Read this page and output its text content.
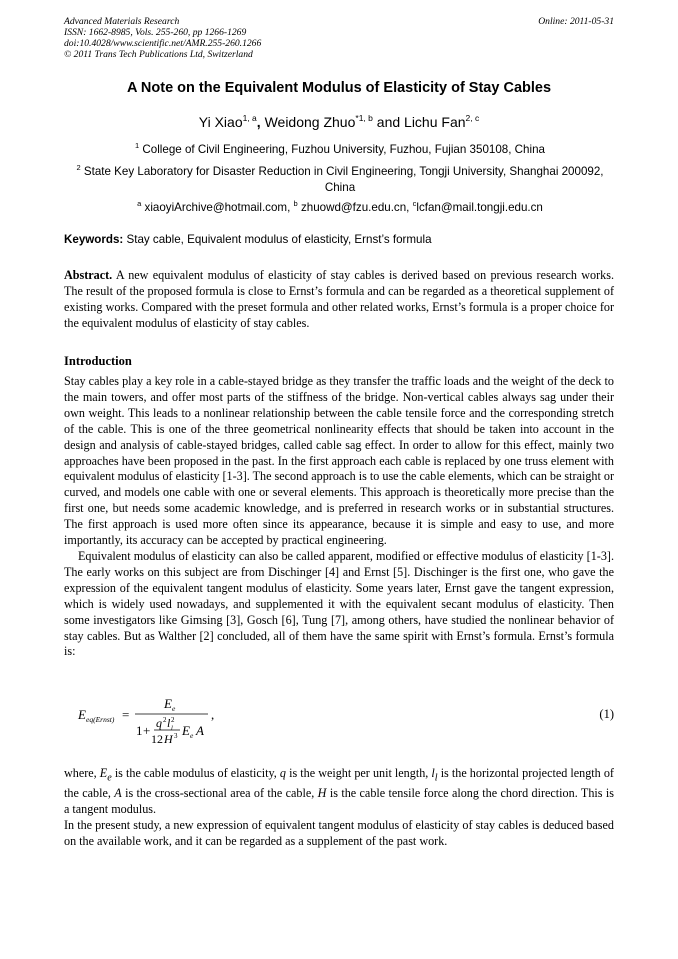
Advanced Materials Research
ISSN: 1662-8985, Vols. 255-260, pp 1266-1269
doi:10.4028/www.scientific.net/AMR.255-260.1266
© 2011 Trans Tech Publications Ltd, Switzerland
Online: 2011-05-31
A Note on the Equivalent Modulus of Elasticity of Stay Cables
Yi Xiao$^{1, a}$, Weidong Zhuo$^{*1, b}$ and Lichu Fan$^{2, c}$
$^1$ College of Civil Engineering, Fuzhou University, Fuzhou, Fujian 350108, China
$^2$ State Key Laboratory for Disaster Reduction in Civil Engineering, Tongji University, Shanghai 200092, China
$^a$ xiaoyiArchive@hotmail.com, $^b$ zhuowd@fzu.edu.cn, $^c$lcfan@mail.tongji.edu.cn
Keywords: Stay cable, Equivalent modulus of elasticity, Ernst’s formula

Abstract. A new equivalent modulus of elasticity of stay cables is derived based on previous research works. The result of the proposed formula is close to Ernst’s formula and can be regarded as a theoretical supplement of existing works. Compared with the preset formula and other related works, Ernst’s formula is a proper choice for the equivalent modulus of elasticity of stay cables.

Introduction

Stay cables play a key role in a cable-stayed bridge as they transfer the traffic loads and the weight of the deck to the main towers, and offer most parts of the stiffness of the bridge. Non-vertical cables always sag under their own weight. This leads to a nonlinear relationship between the cable tensile force and the corresponding stretch of the cable. This is one of the three geometrical nonlinearity effects that should be taken into account in the design and analysis of cable-stayed bridges, called cable sag effect. In order to allow for this effect, mainly two approaches have been proposed in the past. In the first approach each cable is replaced by one truss element with equivalent modulus of elasticity [1-3]. The second approach is to use the cable elements, which can be straight or curved, and models one cable with one or several elements. This approach is theoretically more precise than the first one, but needs some academic knowledge, and is preferred in research works or in substantial structures. The first approach is used more often since its appearance, because it is simple and easy to use, and more importantly, its accuracy can be accepted by practical engineering.

Equivalent modulus of elasticity can also be called apparent, modified or effective modulus of elasticity [1-3]. The early works on this subject are from Dischinger [4] and Ernst [5]. Dischinger is the first one, who gave the expression of the equivalent tangent modulus of elasticity. Some years later, Ernst gave the tangent expression, which is widely used nowadays, and supplemented it with the equivalent secant modulus of elasticity. Then some investigators like Gimsing [3], Gosch [6], Tung [7], among others, have studied the nonlinear behavior of stay cables. But as Walther [2] concluded, all of them have the same spirit with Ernst’s formula. Ernst’s formula is:

E eq(Ernst) =
E e
1 + q 2 l l
2
12 H 3 E e A
,	(1)

where, $E_e$ is the cable modulus of elasticity, q is the weight per unit length, $l_l$ is the horizontal projected length of the cable, A is the cross-sectional area of the cable, H is the cable tensile force along the chord direction. This is a tangent modulus.

In the present study, a new expression of equivalent tangent modulus of elasticity of stay cables is deduced based on the available work, and it can be regarded as a supplement of the past work.
